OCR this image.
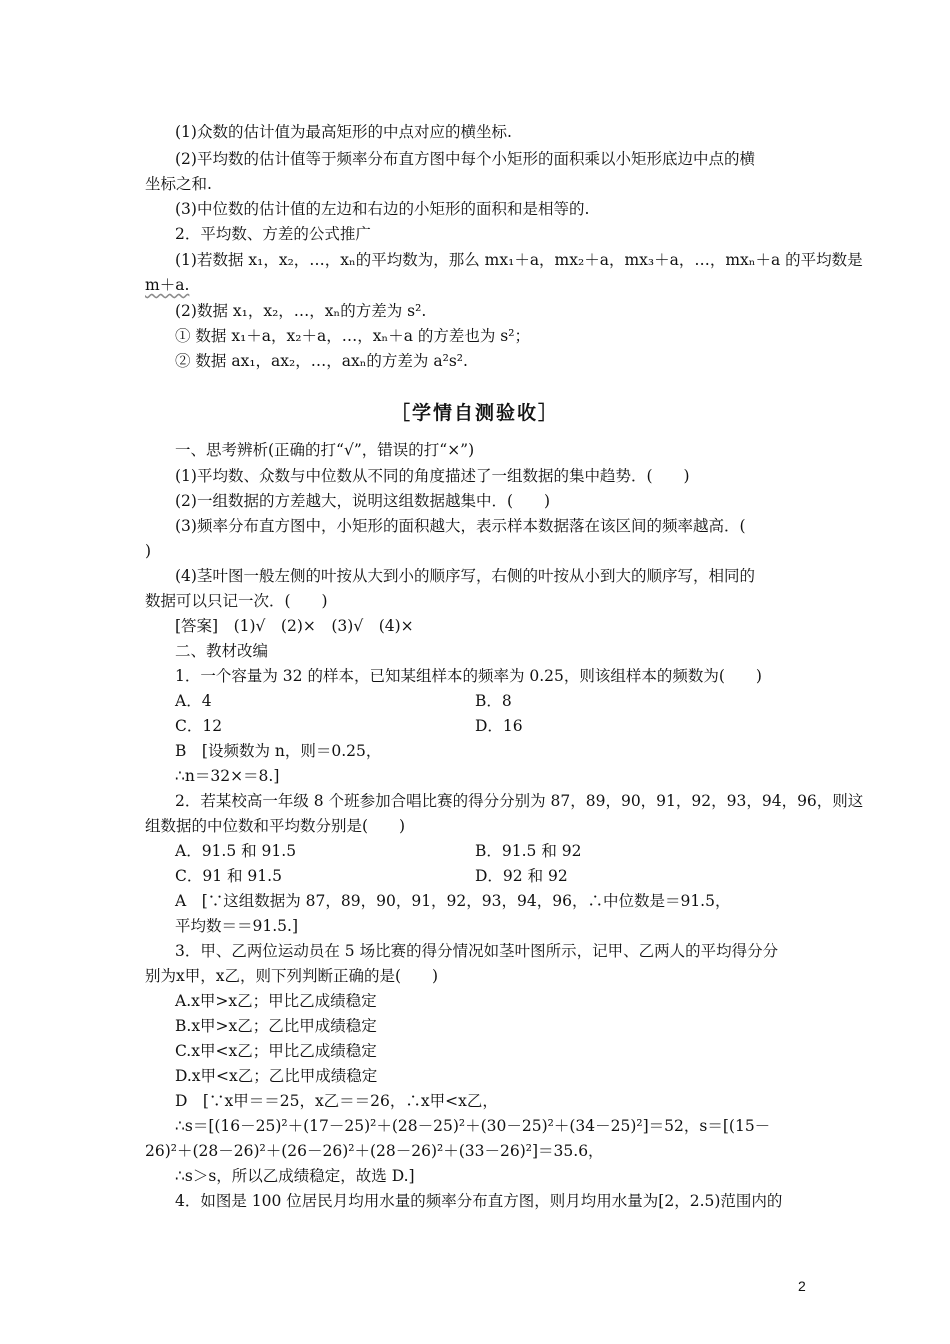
(1)众数的估计值为最高矩形的中点对应的横坐标.
(2)平均数的估计值等于频率分布直方图中每个小矩形的面积乘以小矩形底边中点的横
坐标之和.
(3)中位数的估计值的左边和右边的小矩形的面积和是相等的.
2．平均数、方差的公式推广
(1)若数据 x₁，x₂，…，xₙ的平均数为，那么 mx₁＋a，mx₂＋a，mx₃＋a，…，mxₙ＋a 的平均数是
m＋a.
(2)数据 x₁，x₂，…，xₙ的方差为 s².
① 数据 x₁＋a，x₂＋a，…，xₙ＋a 的方差也为 s²；
② 数据 ax₁，ax₂，…，axₙ的方差为 a²s².
［学情自测验收］
一、思考辨析(正确的打“√”，错误的打“×”)
(1)平均数、众数与中位数从不同的角度描述了一组数据的集中趋势．(　　)
(2)一组数据的方差越大，说明这组数据越集中．(　　)
(3)频率分布直方图中，小矩形的面积越大，表示样本数据落在该区间的频率越高．(
)
(4)茎叶图一般左侧的叶按从大到小的顺序写，右侧的叶按从小到大的顺序写，相同的
数据可以只记一次．(　　)
[答案]　(1)√　(2)×　(3)√　(4)×
二、教材改编
1．一个容量为 32 的样本，已知某组样本的频率为 0.25，则该组样本的频数为(　　)
A．4	B．8
C．12	D．16
B　[设频数为 n，则＝0.25，
∴n＝32×＝8.]
2．若某校高一年级 8 个班参加合唱比赛的得分分别为 87，89，90，91，92，93，94，96，则这
组数据的中位数和平均数分别是(　　)
A．91.5 和 91.5	B．91.5 和 92
C．91 和 91.5	D．92 和 92
A　[∵这组数据为 87，89，90，91，92，93，94，96，∴中位数是＝91.5，
平均数＝＝91.5.]
3．甲、乙两位运动员在 5 场比赛的得分情况如茎叶图所示，记甲、乙两人的平均得分分
别为x甲，x乙，则下列判断正确的是(　　)
A.x甲>x乙；甲比乙成绩稳定
B.x甲>x乙；乙比甲成绩稳定
C.x甲<x乙；甲比乙成绩稳定
D.x甲<x乙；乙比甲成绩稳定
D　[∵x甲＝＝25，x乙＝＝26，∴x甲<x乙，
∴s＝[(16－25)²＋(17－25)²＋(28－25)²＋(30－25)²＋(34－25)²]＝52，s＝[(15－
26)²＋(28－26)²＋(26－26)²＋(28－26)²＋(33－26)²]＝35.6，
∴s＞s，所以乙成绩稳定，故选 D.]
4．如图是 100 位居民月均用水量的频率分布直方图，则月均用水量为[2，2.5)范围内的
2
